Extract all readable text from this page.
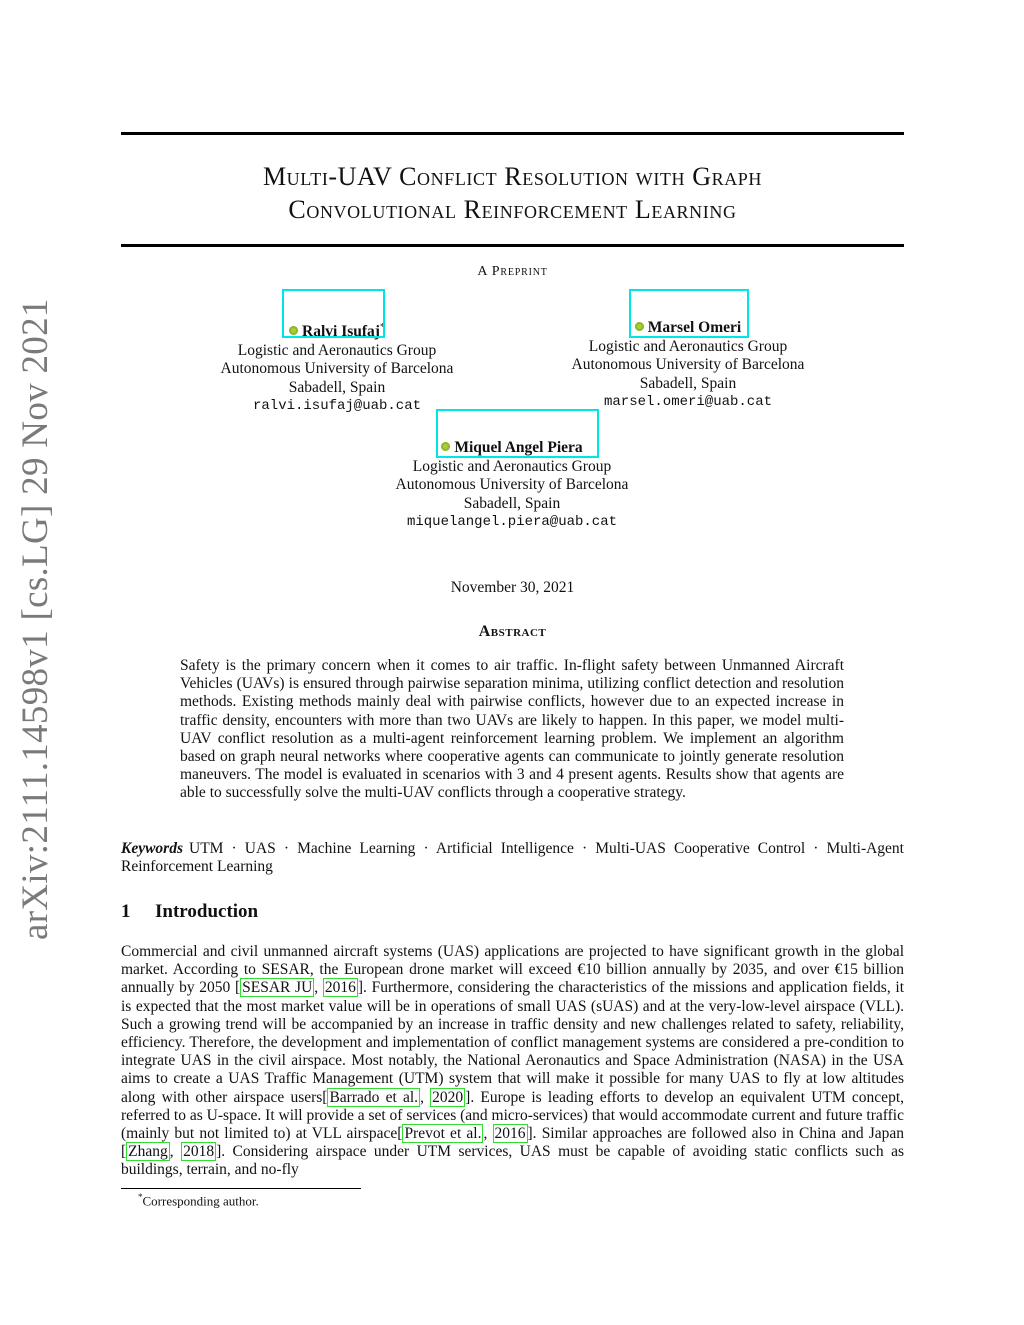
arXiv:2111.14598v1 [cs.LG] 29 Nov 2021
Multi-UAV Conflict Resolution with Graph
Convolutional Reinforcement Learning
A Preprint
Ralvi Isufaj*
Logistic and Aeronautics Group
Autonomous University of Barcelona
Sabadell, Spain
ralvi.isufaj@uab.cat
Marsel Omeri
Logistic and Aeronautics Group
Autonomous University of Barcelona
Sabadell, Spain
marsel.omeri@uab.cat
Miquel Angel Piera
Logistic and Aeronautics Group
Autonomous University of Barcelona
Sabadell, Spain
miquelangel.piera@uab.cat
November 30, 2021
Abstract
Safety is the primary concern when it comes to air traffic. In-flight safety between Unmanned Aircraft Vehicles (UAVs) is ensured through pairwise separation minima, utilizing conflict detection and resolution methods. Existing methods mainly deal with pairwise conflicts, however due to an expected increase in traffic density, encounters with more than two UAVs are likely to happen. In this paper, we model multi-UAV conflict resolution as a multi-agent reinforcement learning problem. We implement an algorithm based on graph neural networks where cooperative agents can communicate to jointly generate resolution maneuvers. The model is evaluated in scenarios with 3 and 4 present agents. Results show that agents are able to successfully solve the multi-UAV conflicts through a cooperative strategy.
Keywords UTM · UAS · Machine Learning · Artificial Intelligence · Multi-UAS Cooperative Control · Multi-Agent Reinforcement Learning
1 Introduction
Commercial and civil unmanned aircraft systems (UAS) applications are projected to have significant growth in the global market. According to SESAR, the European drone market will exceed €10 billion annually by 2035, and over €15 billion annually by 2050 [ SESAR JU , 2016 ]. Furthermore, considering the characteristics of the missions and application fields, it is expected that the most market value will be in operations of small UAS (sUAS) and at the very-low-level airspace (VLL). Such a growing trend will be accompanied by an increase in traffic density and new challenges related to safety, reliability, efficiency. Therefore, the development and implementation of conflict management systems are considered a pre-condition to integrate UAS in the civil airspace. Most notably, the National Aeronautics and Space Administration (NASA) in the USA aims to create a UAS Traffic Management (UTM) system that will make it possible for many UAS to fly at low altitudes along with other airspace users[ Barrado et al. , 2020 ]. Europe is leading efforts to develop an equivalent UTM concept, referred to as U-space. It will provide a set of services (and micro-services) that would accommodate current and future traffic (mainly but not limited to) at VLL airspace[ Prevot et al. , 2016 ]. Similar approaches are followed also in China and Japan [ Zhang , 2018 ]. Considering airspace under UTM services, UAS must be capable of avoiding static conflicts such as buildings, terrain, and no-fly
*Corresponding author.
